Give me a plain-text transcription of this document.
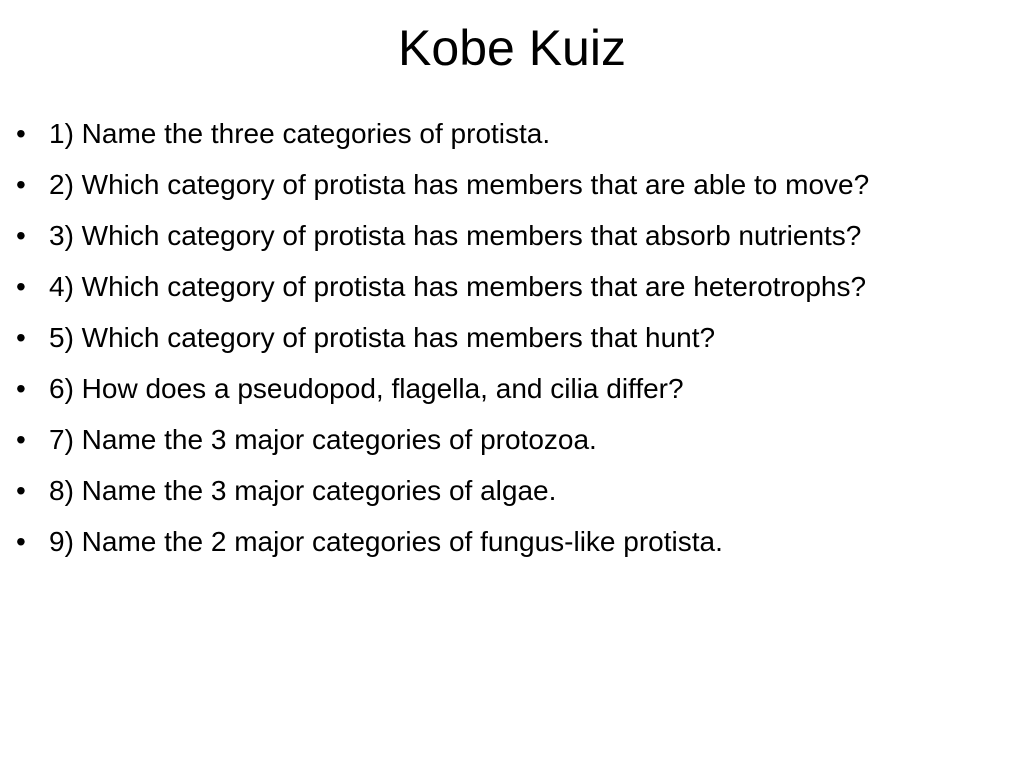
Kobe Kuiz
• 1) Name the three categories of protista.
• 2) Which category of protista has members that are able to move?
• 3) Which category of protista has members that absorb nutrients?
• 4) Which category of protista has members that are heterotrophs?
• 5) Which category of protista has members that hunt?
• 6) How does a pseudopod, flagella, and cilia differ?
• 7) Name the 3 major categories of protozoa.
• 8) Name the 3 major categories of algae.
• 9) Name the 2 major categories of fungus-like protista.
